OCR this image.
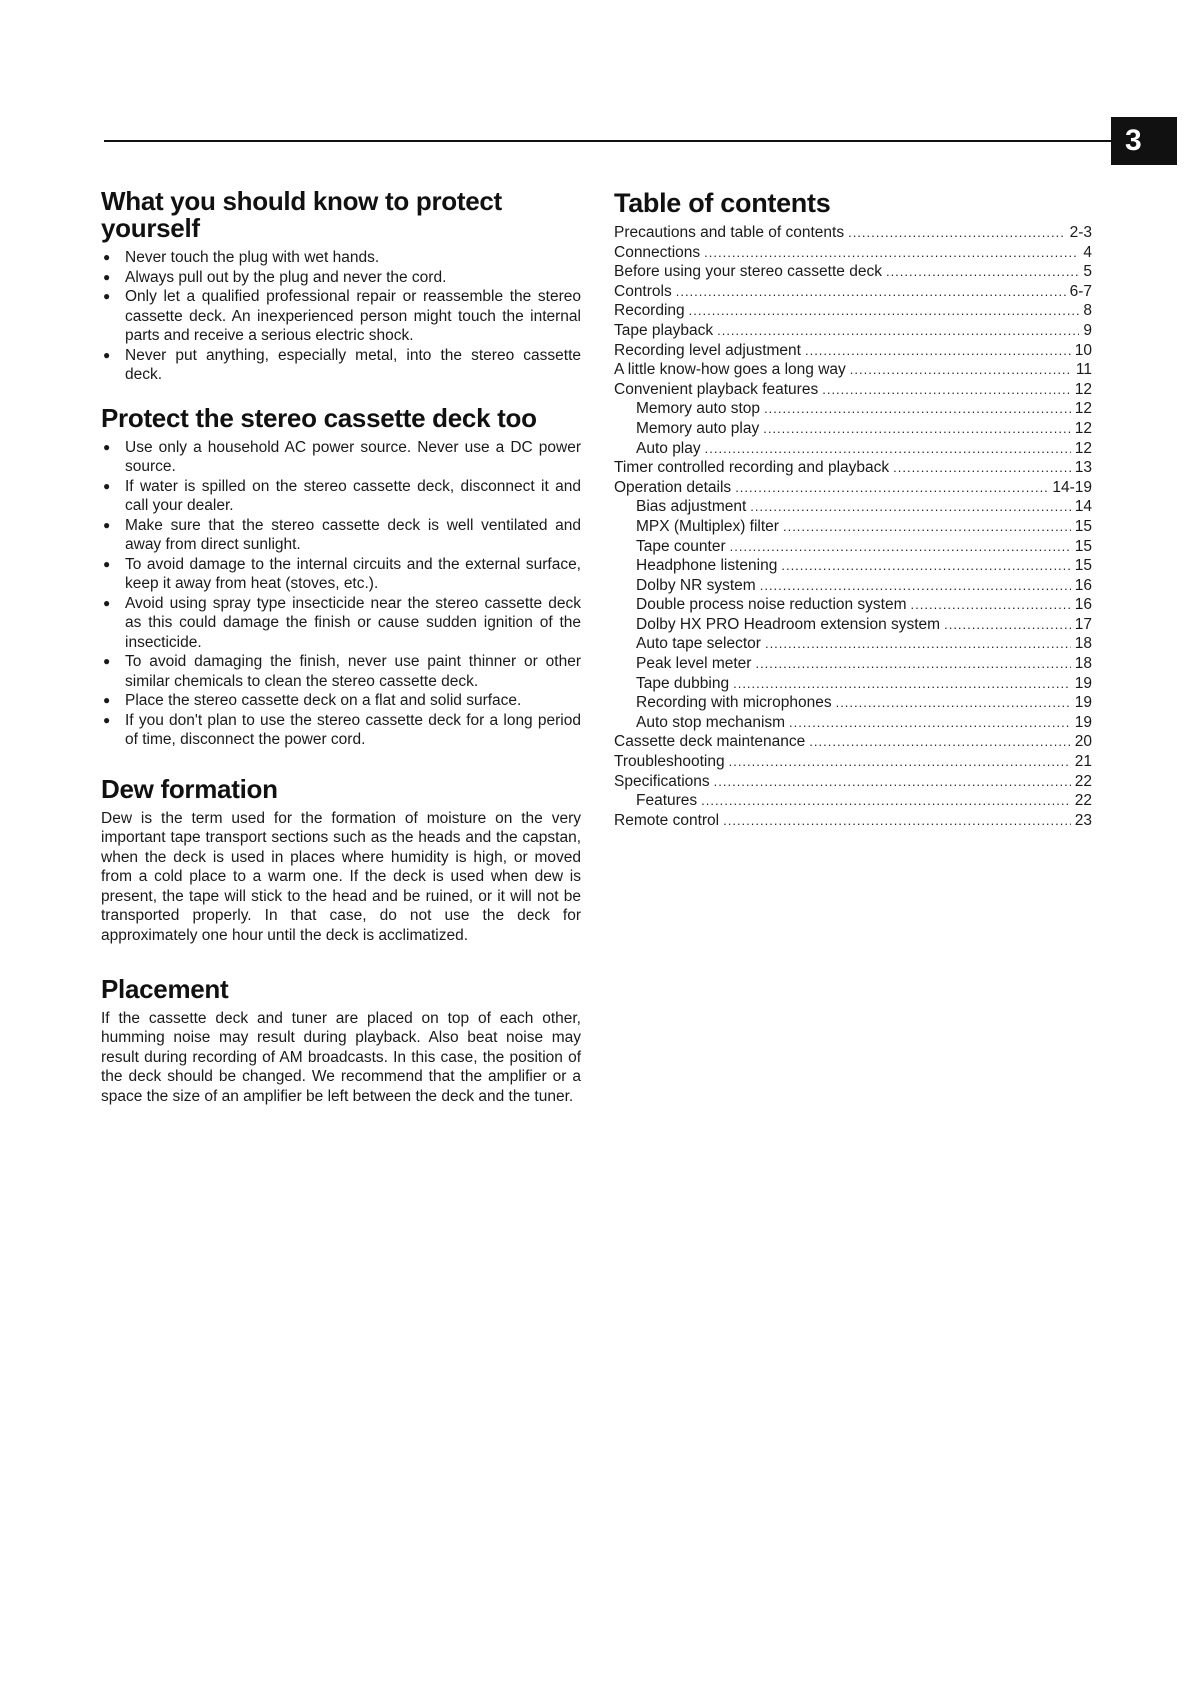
3
What you should know to protect yourself
● Never touch the plug with wet hands.
● Always pull out by the plug and never the cord.
● Only let a qualified professional repair or reassemble the stereo cassette deck. An inexperienced person might touch the internal parts and receive a serious electric shock.
● Never put anything, especially metal, into the stereo cassette deck.
Protect the stereo cassette deck too
● Use only a household AC power source. Never use a DC power source.
● If water is spilled on the stereo cassette deck, disconnect it and call your dealer.
● Make sure that the stereo cassette deck is well ventilated and away from direct sunlight.
● To avoid damage to the internal circuits and the external surface, keep it away from heat (stoves, etc.).
● Avoid using spray type insecticide near the stereo cassette deck as this could damage the finish or cause sudden ignition of the insecticide.
● To avoid damaging the finish, never use paint thinner or other similar chemicals to clean the stereo cassette deck.
● Place the stereo cassette deck on a flat and solid surface.
● If you don't plan to use the stereo cassette deck for a long period of time, disconnect the power cord.
Dew formation

Dew is the term used for the formation of moisture on the very important tape transport sections such as the heads and the capstan, when the deck is used in places where humidity is high, or moved from a cold place to a warm one. If the deck is used when dew is present, the tape will stick to the head and be ruined, or it will not be transported properly. In that case, do not use the deck for approximately one hour until the deck is acclimatized.

Placement

If the cassette deck and tuner are placed on top of each other, humming noise may result during playback. Also beat noise may result during recording of AM broadcasts. In this case, the position of the deck should be changed. We recommend that the amplifier or a space the size of an amplifier be left between the deck and the tuner.

Table of contents
Precautions and table of contents .....	2-3
Connections .....	4
Before using your stereo cassette deck .....	5
Controls .....	6-7
Recording .....	8
Tape playback .....	9
Recording level adjustment .....	10
A little know-how goes a long way .....	11
Convenient playback features .....	12
Memory auto stop .....	12
Memory auto play .....	12
Auto play .....	12
Timer controlled recording and playback .....	13
Operation details .....	14-19
Bias adjustment .....	14
MPX (Multiplex) filter .....	15
Tape counter .....	15
Headphone listening .....	15
Dolby NR system .....	16
Double process noise reduction system .....	16
Dolby HX PRO Headroom extension system .....	17
Auto tape selector .....	18
Peak level meter .....	18
Tape dubbing .....	19
Recording with microphones .....	19
Auto stop mechanism .....	19
Cassette deck maintenance .....	20
Troubleshooting .....	21
Specifications .....	22
Features .....	22
Remote control .....	23
